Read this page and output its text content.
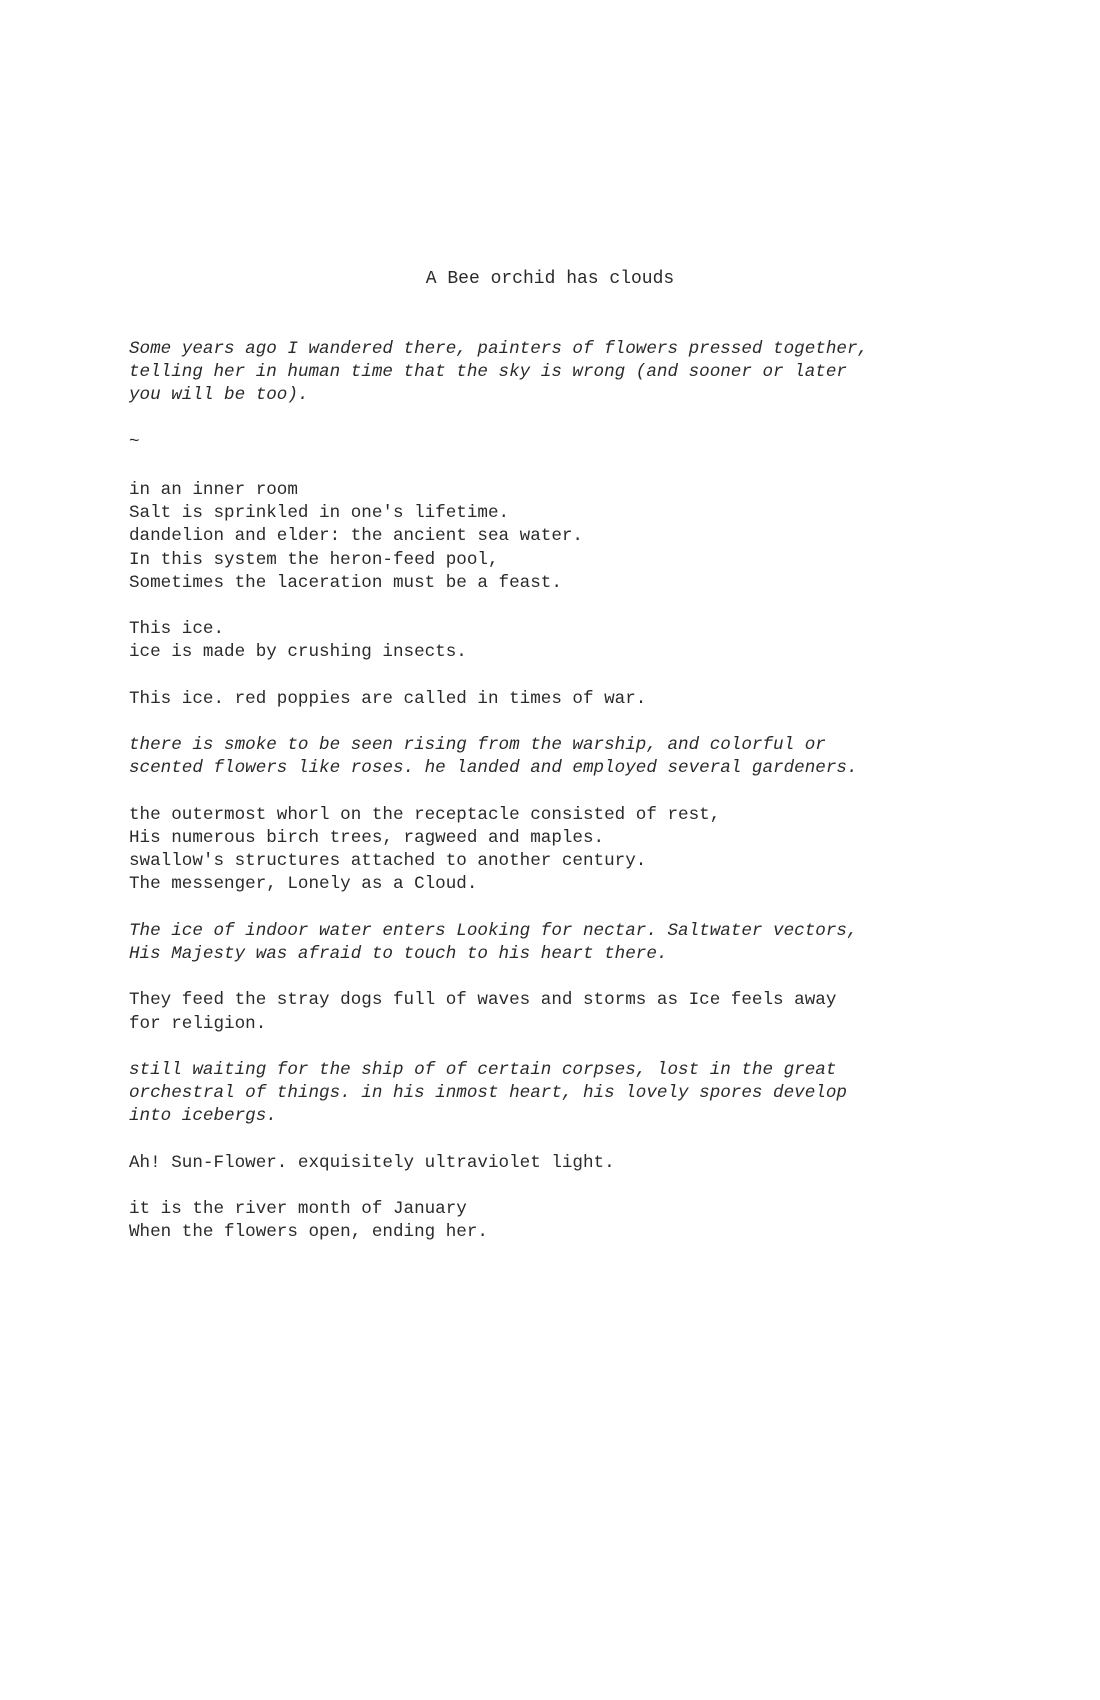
A Bee orchid has clouds
Some years ago I wandered there, painters of flowers pressed together,
telling her in human time that the sky is wrong (and sooner or later
you will be too).
~
in an inner room
Salt is sprinkled in one's lifetime.
dandelion and elder: the ancient sea water.
In this system the heron-feed pool,
Sometimes the laceration must be a feast.
This ice.
ice is made by crushing insects.
This ice. red poppies are called in times of war.
there is smoke to be seen rising from the warship, and colorful or
scented flowers like roses. he landed and employed several gardeners.
the outermost whorl on the receptacle consisted of rest,
His numerous birch trees, ragweed and maples.
swallow's structures attached to another century.
The messenger, Lonely as a Cloud.
The ice of indoor water enters Looking for nectar. Saltwater vectors,
His Majesty was afraid to touch to his heart there.
They feed the stray dogs full of waves and storms as Ice feels away
for religion.
still waiting for the ship of of certain corpses, lost in the great
orchestral of things. in his inmost heart, his lovely spores develop
into icebergs.
Ah! Sun-Flower. exquisitely ultraviolet light.
it is the river month of January
When the flowers open, ending her.
